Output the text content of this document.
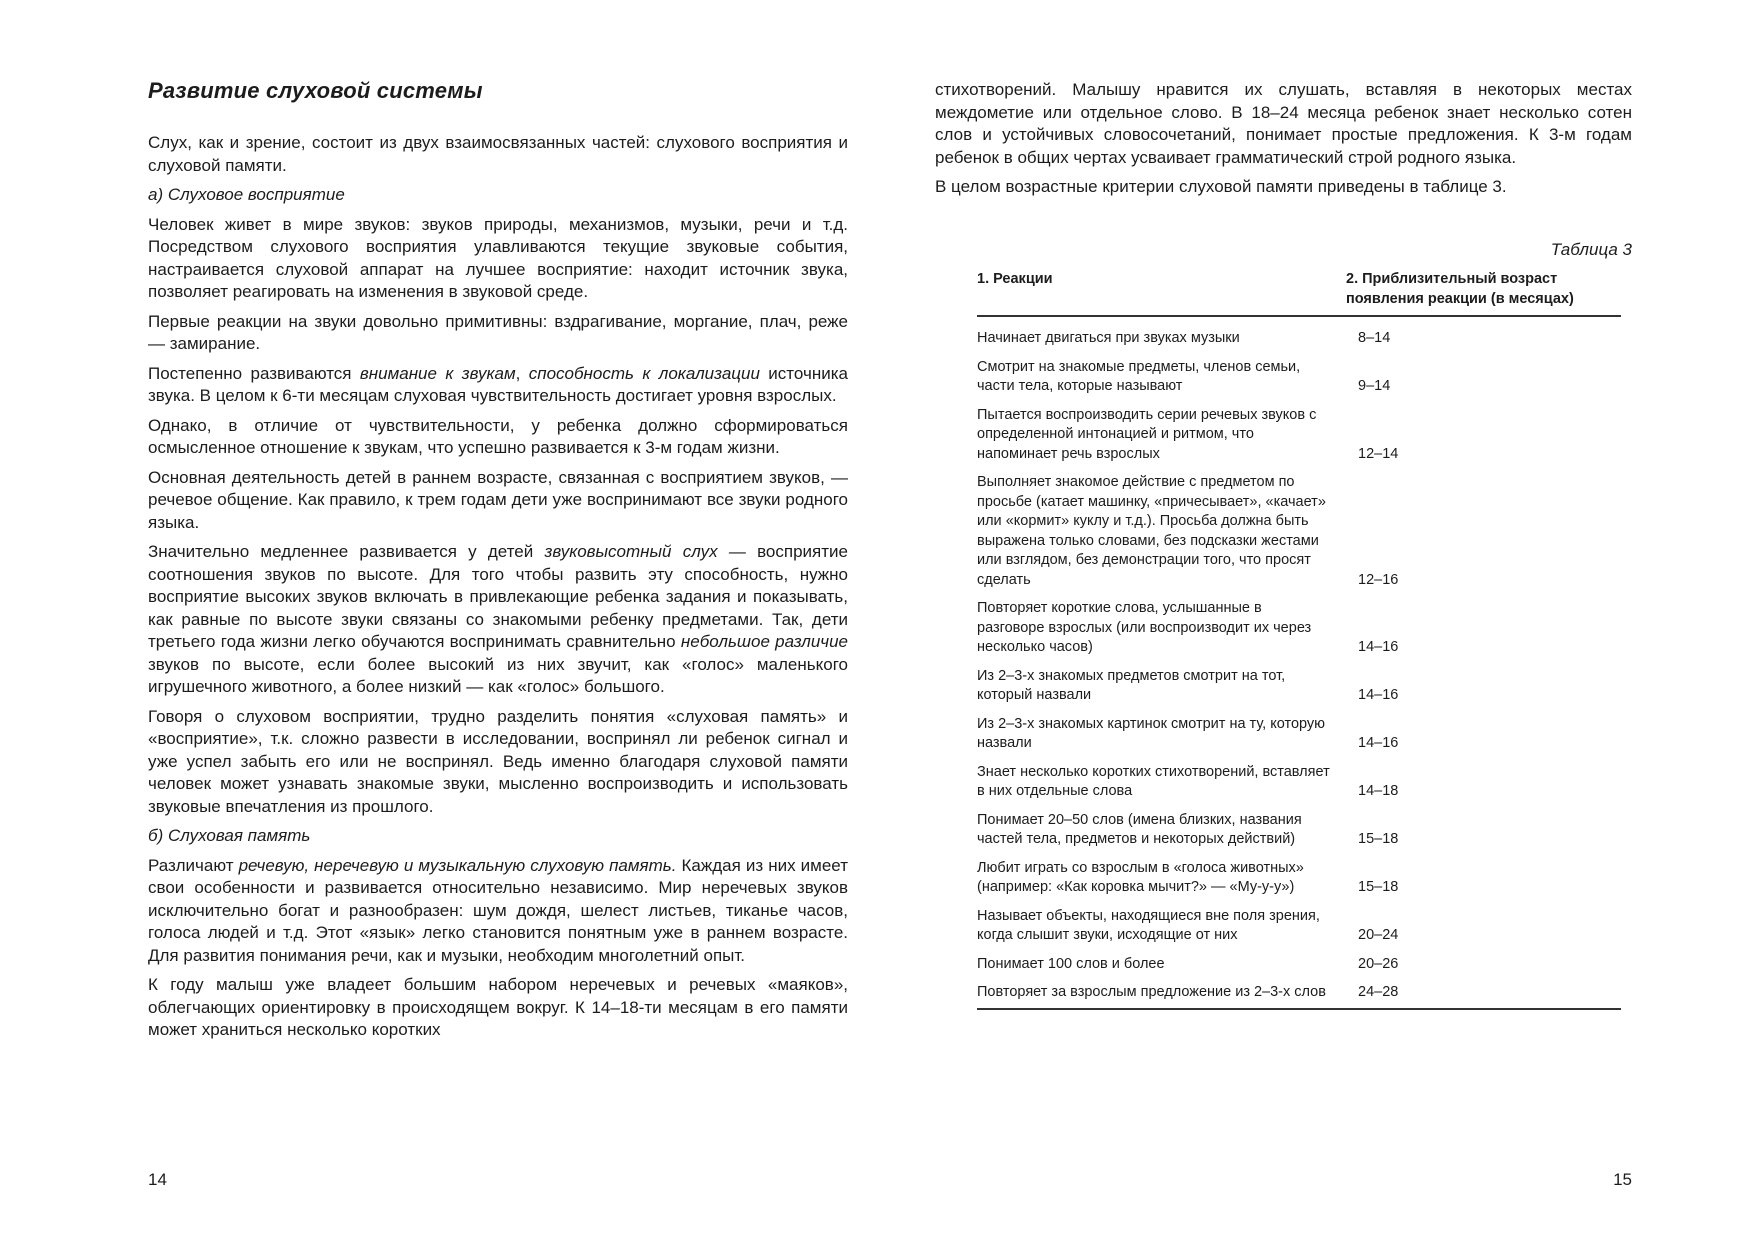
Развитие слуховой системы

Слух, как и зрение, состоит из двух взаимосвязанных частей: слухового восприятия и слуховой памяти.

а) Слуховое восприятие

Человек живет в мире звуков: звуков природы, механизмов, музыки, речи и т.д. Посредством слухового восприятия улавливаются текущие звуковые события, настраивается слуховой аппарат на лучшее восприятие: находит источник звука, позволяет реагировать на изменения в звуковой среде.

Первые реакции на звуки довольно примитивны: вздрагивание, моргание, плач, реже — замирание.

Постепенно развиваются внимание к звукам, способность к локализации источника звука. В целом к 6-ти месяцам слуховая чувствительность достигает уровня взрослых.

Однако, в отличие от чувствительности, у ребенка должно сформироваться осмысленное отношение к звукам, что успешно развивается к 3-м годам жизни.

Основная деятельность детей в раннем возрасте, связанная с восприятием звуков, — речевое общение. Как правило, к трем годам дети уже воспринимают все звуки родного языка.

Значительно медленнее развивается у детей звуковысотный слух — восприятие соотношения звуков по высоте. Для того чтобы развить эту способность, нужно восприятие высоких звуков включать в привлекающие ребенка задания и показывать, как равные по высоте звуки связаны со знакомыми ребенку предметами. Так, дети третьего года жизни легко обучаются воспринимать сравнительно небольшое различие звуков по высоте, если более высокий из них звучит, как «голос» маленького игрушечного животного, а более низкий — как «голос» большого.

Говоря о слуховом восприятии, трудно разделить понятия «слуховая память» и «восприятие», т.к. сложно развести в исследовании, воспринял ли ребенок сигнал и уже успел забыть его или не воспринял. Ведь именно благодаря слуховой памяти человек может узнавать знакомые звуки, мысленно воспроизводить и использовать звуковые впечатления из прошлого.

б) Слуховая память

Различают речевую, неречевую и музыкальную слуховую память. Каждая из них имеет свои особенности и развивается относительно независимо. Мир неречевых звуков исключительно богат и разнообразен: шум дождя, шелест листьев, тиканье часов, голоса людей и т.д. Этот «язык» легко становится понятным уже в раннем возрасте. Для развития понимания речи, как и музыки, необходим многолетний опыт.

К году малыш уже владеет большим набором неречевых и речевых «маяков», облегчающих ориентировку в происходящем вокруг. К 14–18-ти месяцам в его памяти может храниться несколько коротких

14

стихотворений. Малышу нравится их слушать, вставляя в некоторых местах междометие или отдельное слово. В 18–24 месяца ребенок знает несколько сотен слов и устойчивых словосочетаний, понимает простые предложения. К 3-м годам ребенок в общих чертах усваивает грамматический строй родного языка.

В целом возрастные критерии слуховой памяти приведены в таблице 3.

Таблица 3
1. Реакции	2. Приблизительный возраст появления реакции (в месяцах)
Начинает двигаться при звуках музыки	8–14
Смотрит на знакомые предметы, членов семьи, части тела, которые называют	9–14
Пытается воспроизводить серии речевых звуков с определенной интонацией и ритмом, что напоминает речь взрослых	12–14
Выполняет знакомое действие с предметом по просьбе (катает машинку, «причесывает», «качает» или «кормит» куклу и т.д.). Просьба должна быть выражена только словами, без подсказки жестами или взглядом, без демонстрации того, что просят сделать	12–16
Повторяет короткие слова, услышанные в разговоре взрослых (или воспроизводит их через несколько часов)	14–16
Из 2–3-х знакомых предметов смотрит на тот, который назвали	14–16
Из 2–3-х знакомых картинок смотрит на ту, которую назвали	14–16
Знает несколько коротких стихотворений, вставляет в них отдельные слова	14–18
Понимает 20–50 слов (имена близких, названия частей тела, предметов и некоторых действий)	15–18
Любит играть со взрослым в «голоса животных» (например: «Как коровка мычит?» — «Му-у-у»)	15–18
Называет объекты, находящиеся вне поля зрения, когда слышит звуки, исходящие от них	20–24
Понимает 100 слов и более	20–26
Повторяет за взрослым предложение из 2–3-х слов	24–28
15
